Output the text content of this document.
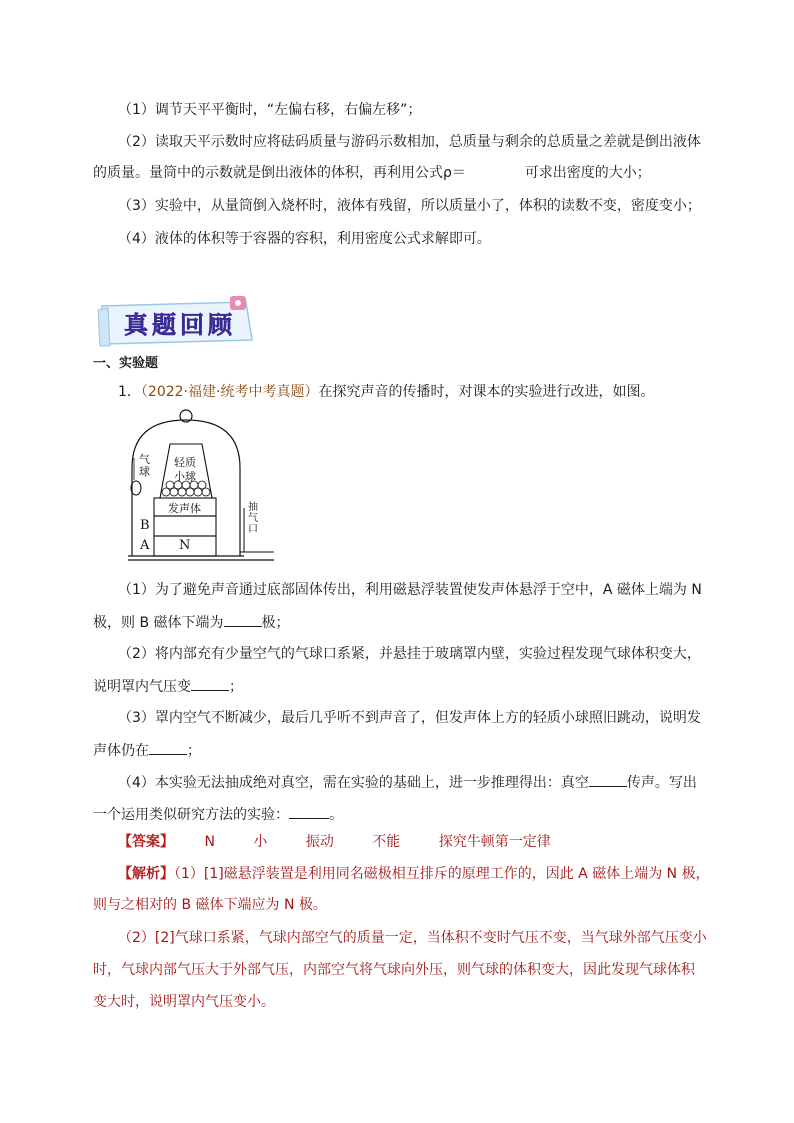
（1）调节天平平衡时，“左偏右移，右偏左移”；
（2）读取天平示数时应将砝码质量与游码示数相加，总质量与剩余的总质量之差就是倒出液体
的质量。量筒中的示数就是倒出液体的体积，再利用公式ρ＝	可求出密度的大小；
（3）实验中，从量筒倒入烧杯时，液体有残留，所以质量小了，体积的读数不变，密度变小；
（4）液体的体积等于容器的容积，利用密度公式求解即可。
真题回顾
一、实验题
1．（2022·福建·统考中考真题）在探究声音的传播时，对课本的实验进行改进，如图。
气球
轻质
小球
发声体
B
A N
抽气口
（1）为了避免声音通过底部固体传出，利用磁悬浮装置使发声体悬浮于空中，A 磁体上端为 N
极，则 B 磁体下端为	极；
（2）将内部充有少量空气的气球口系紧，并悬挂于玻璃罩内壁，实验过程发现气球体积变大，
说明罩内气压变	；
（3）罩内空气不断减少，最后几乎听不到声音了，但发声体上方的轻质小球照旧跳动，说明发
声体仍在	；
（4）本实验无法抽成绝对真空，需在实验的基础上，进一步推理得出：真空	传声。写出
一个运用类似研究方法的实验：	。
【答案】 N	小	振动	不能	探究牛顿第一定律
【解析】（1）[1]磁悬浮装置是利用同名磁极相互排斥的原理工作的，因此 A 磁体上端为 N 极，
则与之相对的 B 磁体下端应为 N 极。
（2）[2]气球口系紧，气球内部空气的质量一定，当体积不变时气压不变，当气球外部气压变小
时，气球内部气压大于外部气压，内部空气将气球向外压，则气球的体积变大，因此发现气球体积
变大时，说明罩内气压变小。
